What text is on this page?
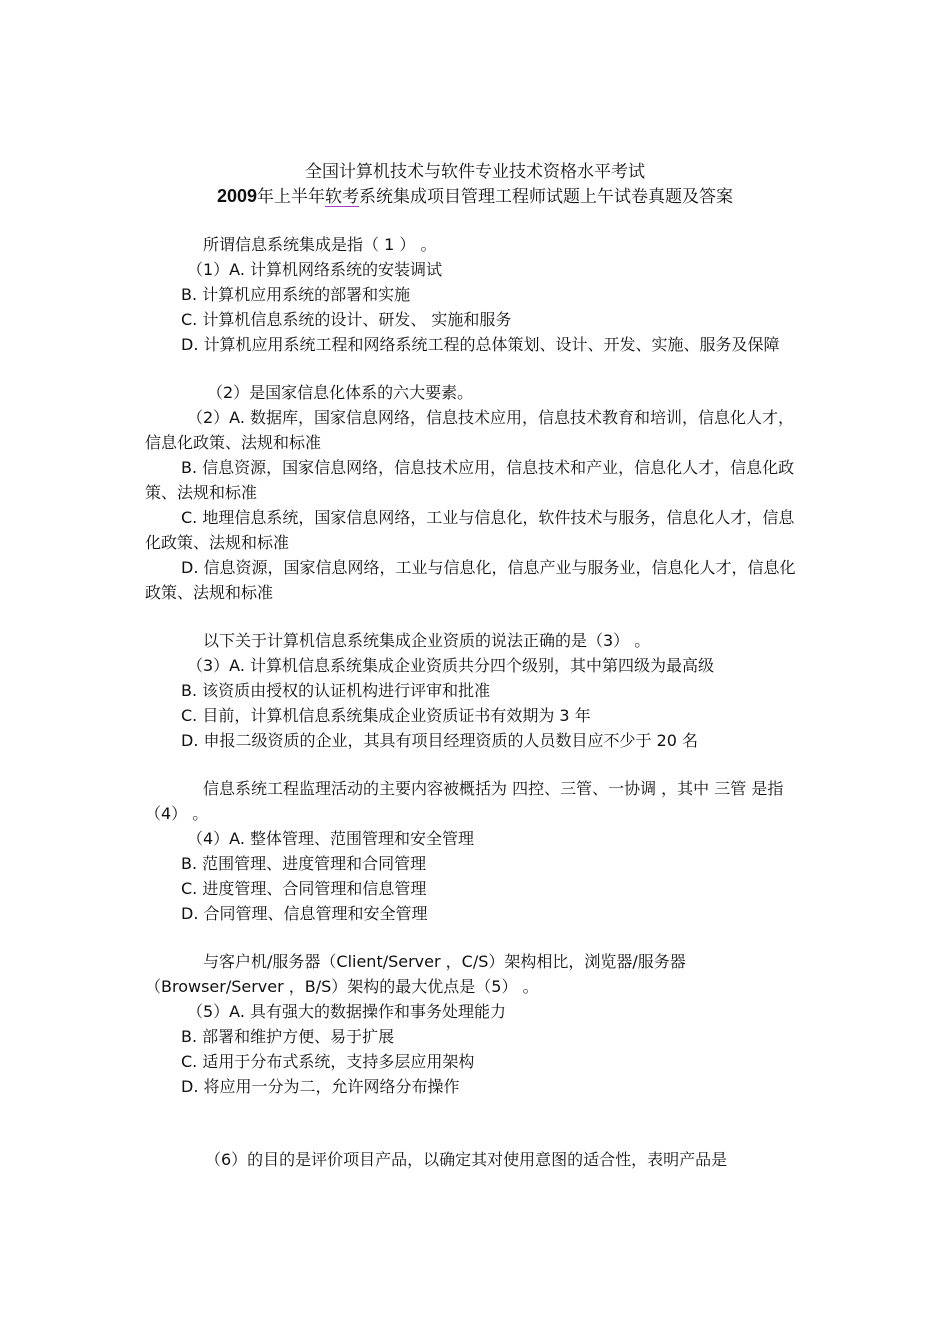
全国计算机技术与软件专业技术资格水平考试
2009年上半年软考系统集成项目管理工程师试题上午试卷真题及答案

所谓信息系统集成是指（ 1 ） 。

（1）A. 计算机网络系统的安装调试

B. 计算机应用系统的部署和实施

C. 计算机信息系统的设计、研发、 实施和服务

D. 计算机应用系统工程和网络系统工程的总体策划、设计、开发、实施、服务及保障

（2）是国家信息化体系的六大要素。

（2）A. 数据库，国家信息网络，信息技术应用，信息技术教育和培训，信息化人才，信息化政策、法规和标准

B. 信息资源，国家信息网络，信息技术应用，信息技术和产业，信息化人才，信息化政策、法规和标准

C. 地理信息系统，国家信息网络，工业与信息化，软件技术与服务，信息化人才，信息化政策、法规和标准

D. 信息资源，国家信息网络，工业与信息化，信息产业与服务业，信息化人才，信息化政策、法规和标准

以下关于计算机信息系统集成企业资质的说法正确的是（3） 。

（3）A. 计算机信息系统集成企业资质共分四个级别，其中第四级为最高级

B. 该资质由授权的认证机构进行评审和批准

C. 目前，计算机信息系统集成企业资质证书有效期为 3 年

D. 申报二级资质的企业，其具有项目经理资质的人员数目应不少于 20 名

信息系统工程监理活动的主要内容被概括为 四控、三管、一协调 ，其中 三管 是指（4） 。

（4）A. 整体管理、范围管理和安全管理

B. 范围管理、进度管理和合同管理

C. 进度管理、合同管理和信息管理

D. 合同管理、信息管理和安全管理

与客户机/服务器（Client/Server ，C/S）架构相比，浏览器/服务器（Browser/Server ，B/S）架构的最大优点是（5） 。

（5）A. 具有强大的数据操作和事务处理能力

B. 部署和维护方便、易于扩展

C. 适用于分布式系统，支持多层应用架构

D. 将应用一分为二，允许网络分布操作

（6）的目的是评价项目产品，以确定其对使用意图的适合性，表明产品是
